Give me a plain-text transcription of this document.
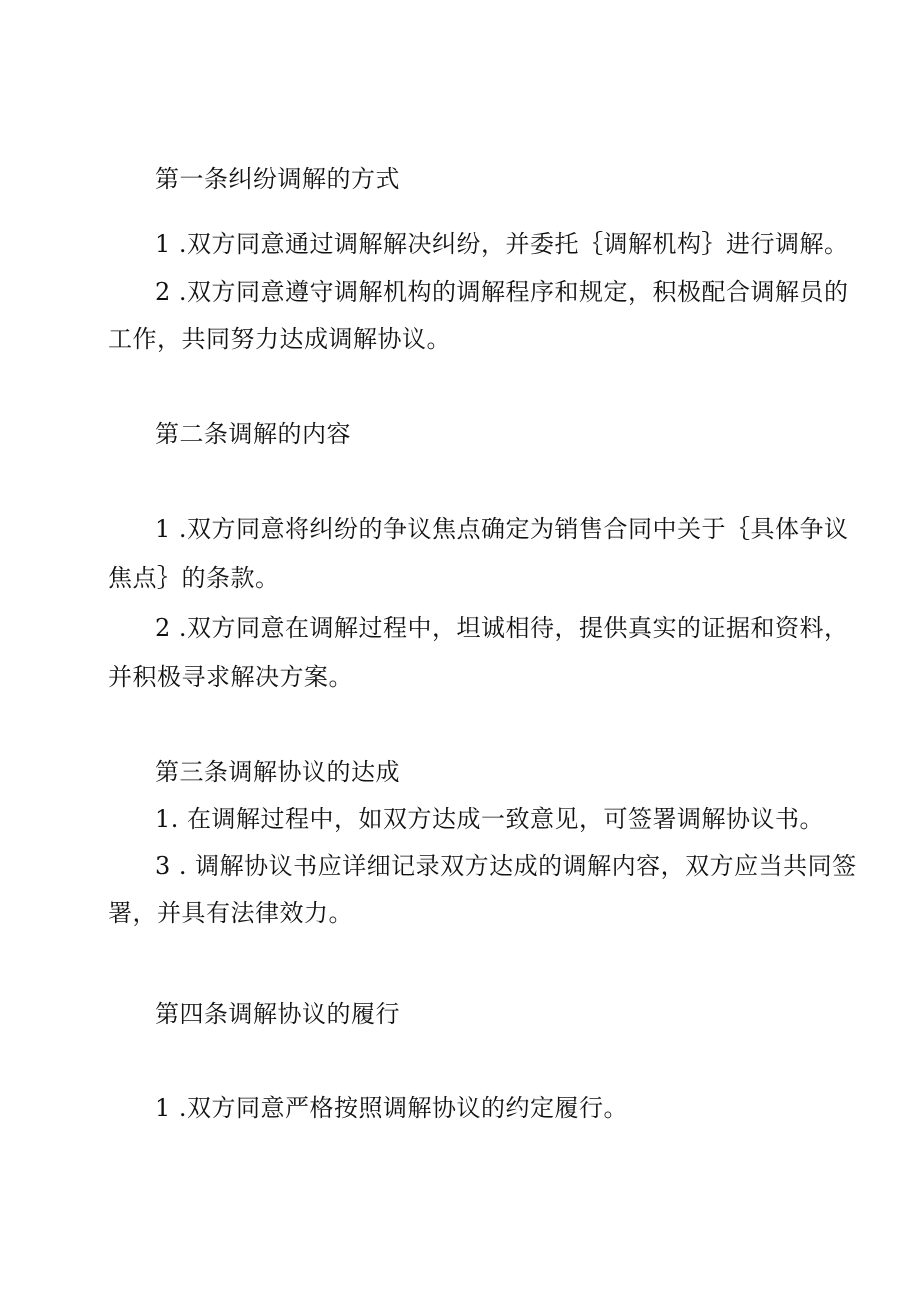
第一条纠纷调解的方式
1 .双方同意通过调解解决纠纷，并委托｛调解机构｝进行调解。
2 .双方同意遵守调解机构的调解程序和规定，积极配合调解员的
工作，共同努力达成调解协议。
第二条调解的内容
1 .双方同意将纠纷的争议焦点确定为销售合同中关于｛具体争议
焦点｝的条款。
2 .双方同意在调解过程中，坦诚相待，提供真实的证据和资料，
并积极寻求解决方案。
第三条调解协议的达成
1. 在调解过程中，如双方达成一致意见，可签署调解协议书。
3 . 调解协议书应详细记录双方达成的调解内容，双方应当共同签
署，并具有法律效力。
第四条调解协议的履行
1 .双方同意严格按照调解协议的约定履行。
